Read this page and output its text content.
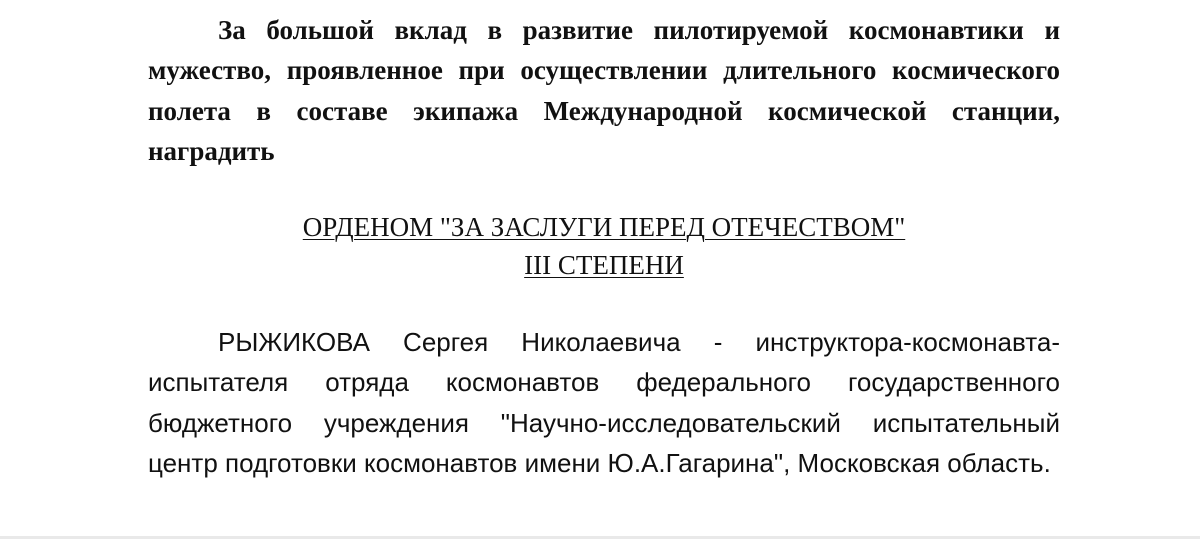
За большой вклад в развитие пилотируемой космонавтики и мужество, проявленное при осуществлении длительного космического полета в составе экипажа Международной космической станции, наградить

ОРДЕНОМ "ЗА ЗАСЛУГИ ПЕРЕД ОТЕЧЕСТВОМ"
III СТЕПЕНИ

РЫЖИКОВА Сергея Николаевича - инструктора-космонавта-испытателя отряда космонавтов федерального государственного бюджетного учреждения "Научно-исследовательский испытательный центр подготовки космонавтов имени Ю.А.Гагарина", Московская область.
